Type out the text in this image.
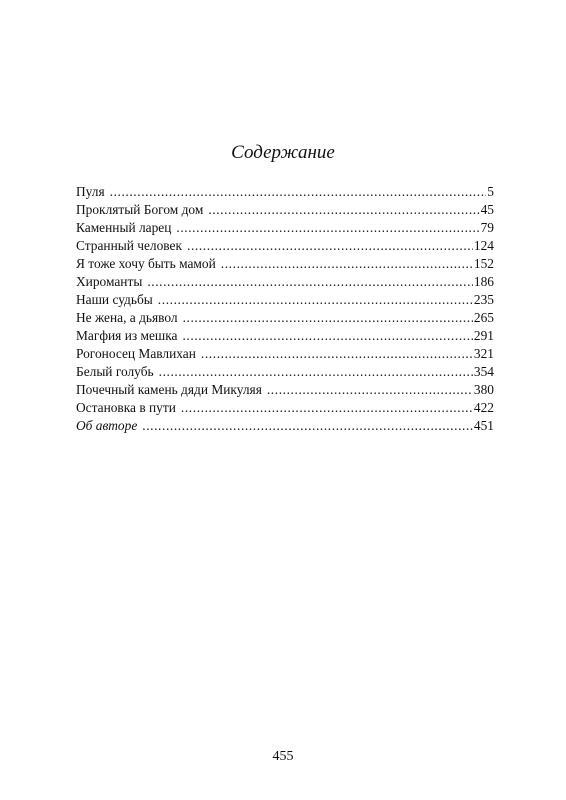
Содержание
Пуля .....	5
Проклятый Богом дом .....	45
Каменный ларец .....	79
Странный человек .....	124
Я тоже хочу быть мамой .....	152
Хироманты .....	186
Наши судьбы .....	235
Не жена, а дьявол .....	265
Магфия из мешка .....	291
Рогоносец Мавлихан .....	321
Белый голубь .....	354
Почечный камень дяди Микуляя .....	380
Остановка в пути .....	422
Об авторе .....	451
455
